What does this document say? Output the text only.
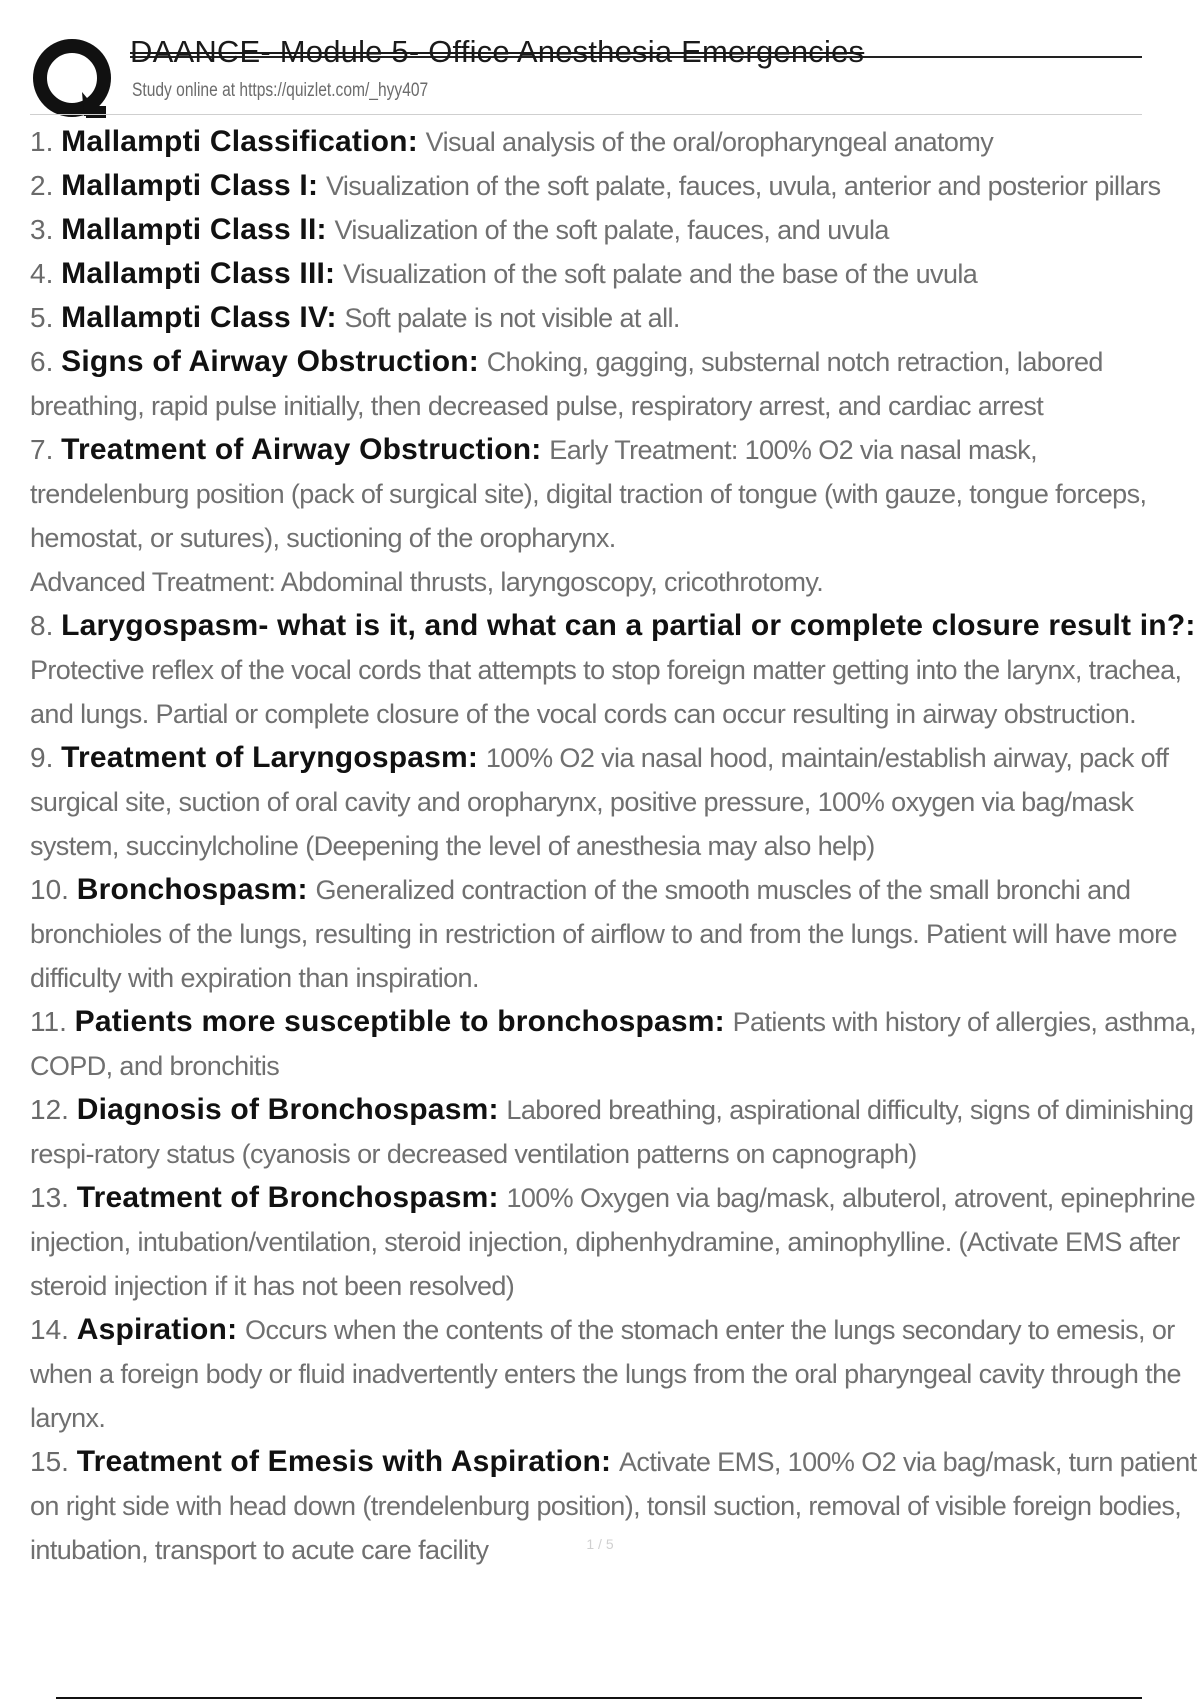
DAANCE- Module 5- Office Anesthesia Emergencies
Study online at https://quizlet.com/_hyy407

1. Mallampti Classification: Visual analysis of the oral/oropharyngeal anatomy

2. Mallampti Class I: Visualization of the soft palate, fauces, uvula, anterior and posterior pillars

3. Mallampti Class II: Visualization of the soft palate, fauces, and uvula

4. Mallampti Class III: Visualization of the soft palate and the base of the uvula

5. Mallampti Class IV: Soft palate is not visible at all.

6. Signs of Airway Obstruction: Choking, gagging, substernal notch retraction, labored breathing, rapid pulse initially, then decreased pulse, respiratory arrest, and cardiac arrest

7. Treatment of Airway Obstruction: Early Treatment: 100% O2 via nasal mask, trendelenburg position (pack of surgical site), digital traction of tongue (with gauze, tongue forceps, hemostat, or sutures), suctioning of the oropharynx.
Advanced Treatment: Abdominal thrusts, laryngoscopy, cricothrotomy.

8. Larygospasm- what is it, and what can a partial or complete closure result in?: Protective reflex of the vocal cords that attempts to stop foreign matter getting into the larynx, trachea, and lungs. Partial or complete closure of the vocal cords can occur resulting in airway obstruction.

9. Treatment of Laryngospasm: 100% O2 via nasal hood, maintain/establish airway, pack off surgical site, suction of oral cavity and oropharynx, positive pressure, 100% oxygen via bag/mask system, succinylcholine (Deepening the level of anesthesia may also help)

10. Bronchospasm: Generalized contraction of the smooth muscles of the small bronchi and bronchioles of the lungs, resulting in restriction of airflow to and from the lungs. Patient will have more difficulty with expiration than inspiration.

11. Patients more susceptible to bronchospasm: Patients with history of allergies, asthma, COPD, and bronchitis

12. Diagnosis of Bronchospasm: Labored breathing, aspirational difficulty, signs of diminishing respi-ratory status (cyanosis or decreased ventilation patterns on capnograph)

13. Treatment of Bronchospasm: 100% Oxygen via bag/mask, albuterol, atrovent, epinephrine injection, intubation/ventilation, steroid injection, diphenhydramine, aminophylline. (Activate EMS after steroid injection if it has not been resolved)

14. Aspiration: Occurs when the contents of the stomach enter the lungs secondary to emesis, or when a foreign body or fluid inadvertently enters the lungs from the oral pharyngeal cavity through the larynx.

15. Treatment of Emesis with Aspiration: Activate EMS, 100% O2 via bag/mask, turn patient on right side with head down (trendelenburg position), tonsil suction, removal of visible foreign bodies, intubation, transport to acute care facility	1 / 5
